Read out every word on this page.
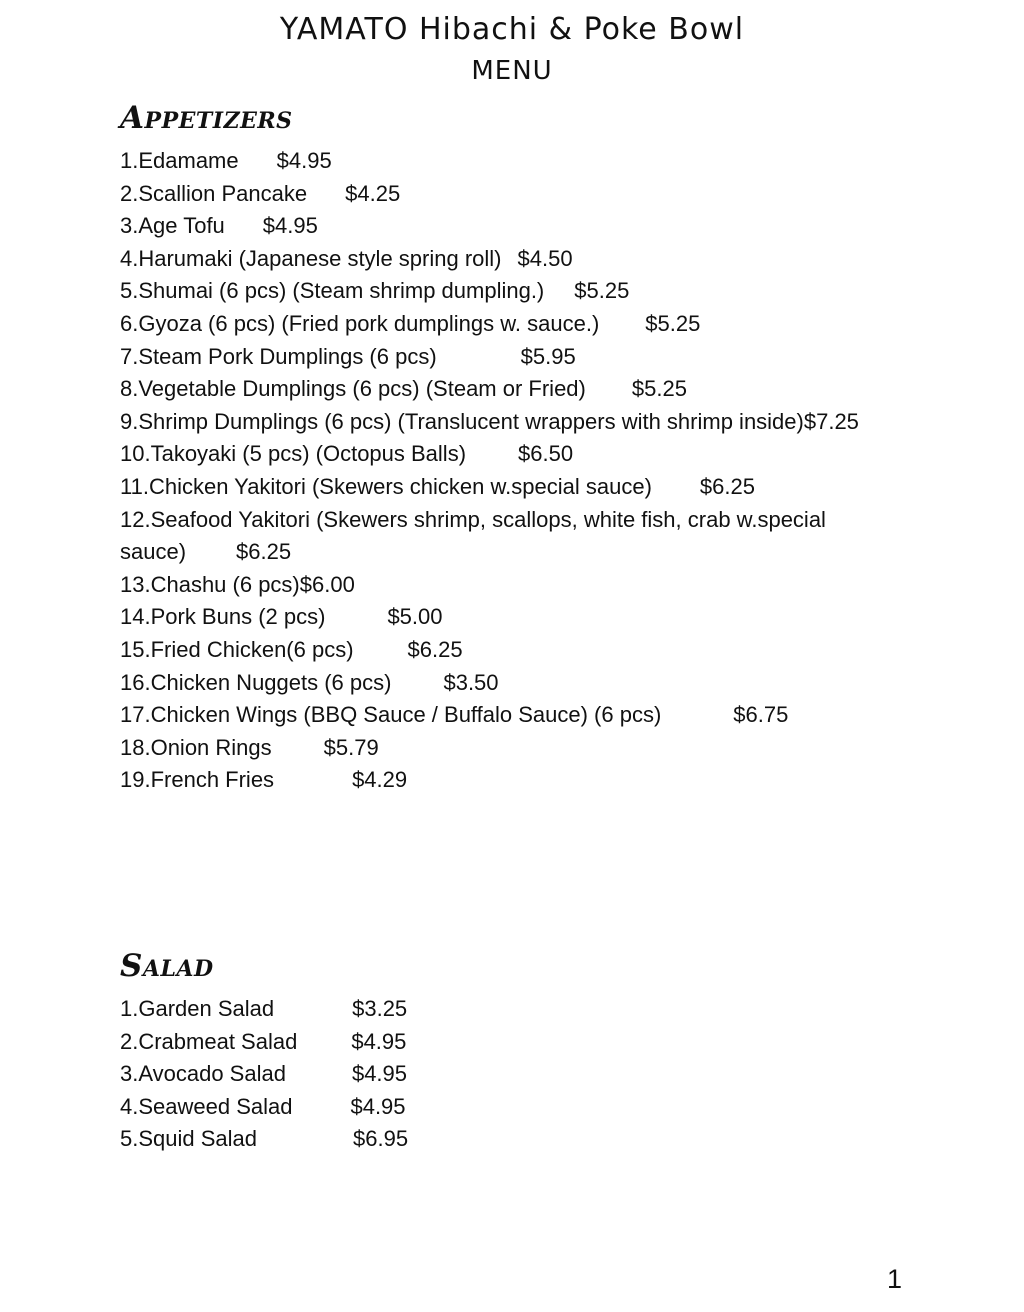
YAMATO Hibachi & Poke Bowl
MENU
Appetizers
1.Edamame $4.95
2.Scallion Pancake $4.25
3.Age Tofu $4.95
4.Harumaki (Japanese style spring roll) $4.50
5.Shumai (6 pcs) (Steam shrimp dumpling.) $5.25
6.Gyoza (6 pcs) (Fried pork dumplings w. sauce.) $5.25
7.Steam Pork Dumplings (6 pcs)	$5.95
8.Vegetable Dumplings (6 pcs) (Steam or Fried) $5.25
9.Shrimp Dumplings (6 pcs) (Translucent wrappers with shrimp inside)$7.25
10.Takoyaki (5 pcs) (Octopus Balls) $6.50
11.Chicken Yakitori (Skewers chicken w.special sauce) $6.25
12.Seafood Yakitori (Skewers shrimp, scallops, white fish, crab w.special sauce) $6.25
13.Chashu (6 pcs)$6.00
14.Pork Buns (2 pcs)	$5.00
15.Fried Chicken(6 pcs) $6.25
16.Chicken Nuggets (6 pcs) $3.50
17.Chicken Wings (BBQ Sauce / Buffalo Sauce) (6 pcs)	$6.75
18.Onion Rings $5.79
19.French Fries	$4.29
Salad
1.Garden Salad	$3.25
2.Crabmeat Salad $4.95
3.Avocado Salad	$4.95
4.Seaweed Salad	$4.95
5.Squid Salad	$6.95

1
